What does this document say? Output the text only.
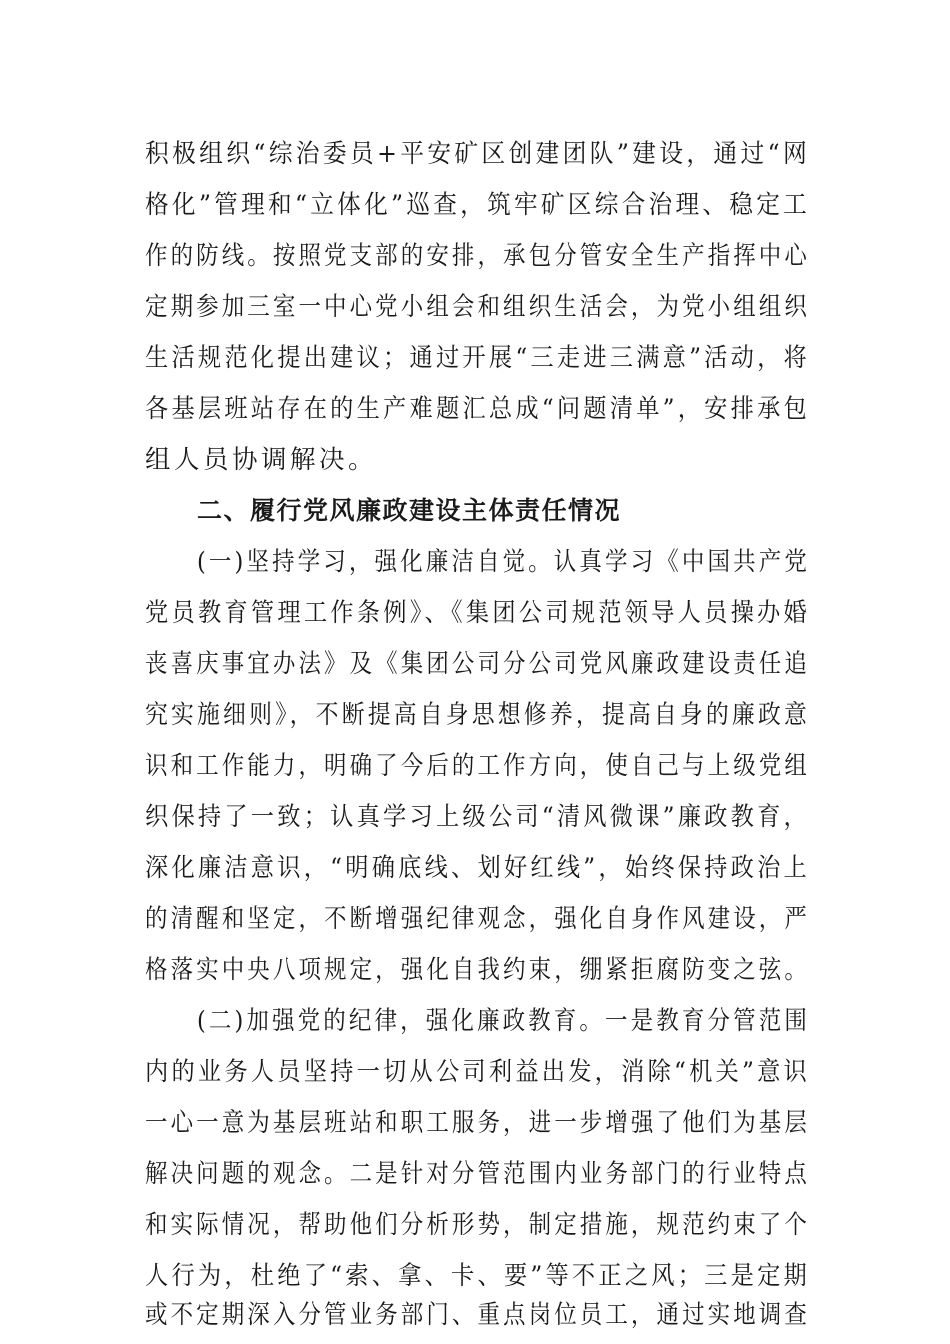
积极组织“综治委员+平安矿区创建团队”建设，通过“网
格化”管理和“立体化”巡查，筑牢矿区综合治理、稳定工
作的防线。按照党支部的安排，承包分管安全生产指挥中心
定期参加三室一中心党小组会和组织生活会，为党小组组织
生活规范化提出建议；通过开展“三走进三满意”活动，将
各基层班站存在的生产难题汇总成“问题清单”，安排承包
组人员协调解决。
二、履行党风廉政建设主体责任情况
(一)坚持学习，强化廉洁自觉。认真学习《中国共产党
党员教育管理工作条例》、《集团公司规范领导人员操办婚
丧喜庆事宜办法》及《集团公司分公司党风廉政建设责任追
究实施细则》，不断提高自身思想修养，提高自身的廉政意
识和工作能力，明确了今后的工作方向，使自己与上级党组
织保持了一致；认真学习上级公司“清风微课”廉政教育，
深化廉洁意识，“明确底线、划好红线”，始终保持政治上
的清醒和坚定，不断增强纪律观念，强化自身作风建设，严
格落实中央八项规定，强化自我约束，绷紧拒腐防变之弦。
(二)加强党的纪律，强化廉政教育。一是教育分管范围
内的业务人员坚持一切从公司利益出发，消除“机关”意识
一心一意为基层班站和职工服务，进一步增强了他们为基层
解决问题的观念。二是针对分管范围内业务部门的行业特点
和实际情况，帮助他们分析形势，制定措施，规范约束了个
人行为，杜绝了“索、拿、卡、要”等不正之风；三是定期
或不定期深入分管业务部门、重点岗位员工，通过实地调查
